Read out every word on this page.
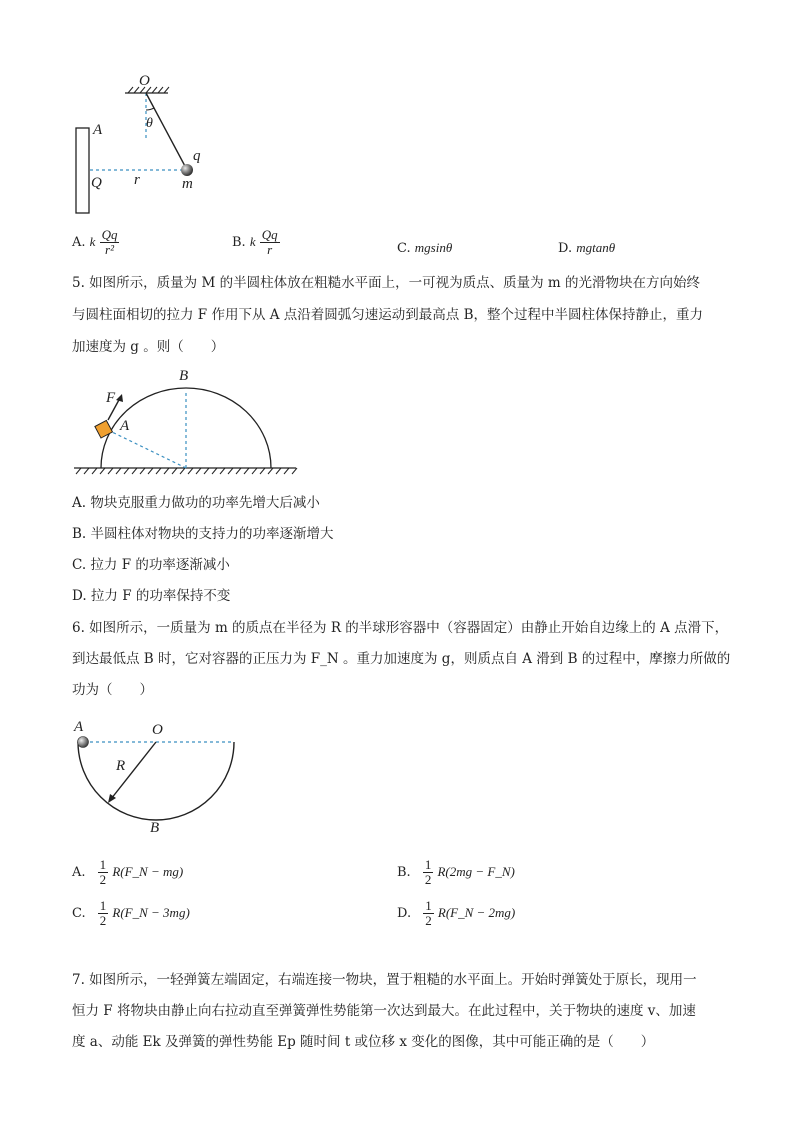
O
A	θ
q
Q r	m
A. k $\frac{Qq}{\text{r²}}$	B. k $\frac{Qq}{r}$	C. mgsinθ	D. mgtanθ
5. 如图所示，质量为 M 的半圆柱体放在粗糙水平面上，一可视为质点、质量为 m 的光滑物块在方向始终
与圆柱面相切的拉力 F 作用下从 A 点沿着圆弧匀速运动到最高点 B，整个过程中半圆柱体保持静止，重力
加速度为 g 。则（　　）
B
F
A
A. 物块克服重力做功的功率先增大后减小
B. 半圆柱体对物块的支持力的功率逐渐增大
C. 拉力 F 的功率逐渐减小
D. 拉力 F 的功率保持不变
6. 如图所示，一质量为 m 的质点在半径为 R 的半球形容器中（容器固定）由静止开始自边缘上的 A 点滑下，
到达最低点 B 时，它对容器的正压力为 F_N 。重力加速度为 g，则质点自 A 滑到 B 的过程中，摩擦力所做的
功为（　　）
A	O
R
B
A. $\frac{1}{2}$ R(F_N − mg)	B. $\frac{1}{2} R(2mg$ − F_N)
C. $\frac{1}{2}$ R(F_N − 3mg)	D. $\frac{1}{2}$ R(F_N − 2mg)
7. 如图所示，一轻弹簧左端固定，右端连接一物块，置于粗糙的水平面上。开始时弹簧处于原长，现用一
恒力 F 将物块由静止向右拉动直至弹簧弹性势能第一次达到最大。在此过程中，关于物块的速度 v、加速
度 a、动能 Ek 及弹簧的弹性势能 Ep 随时间 t 或位移 x 变化的图像，其中可能正确的是（　　）
